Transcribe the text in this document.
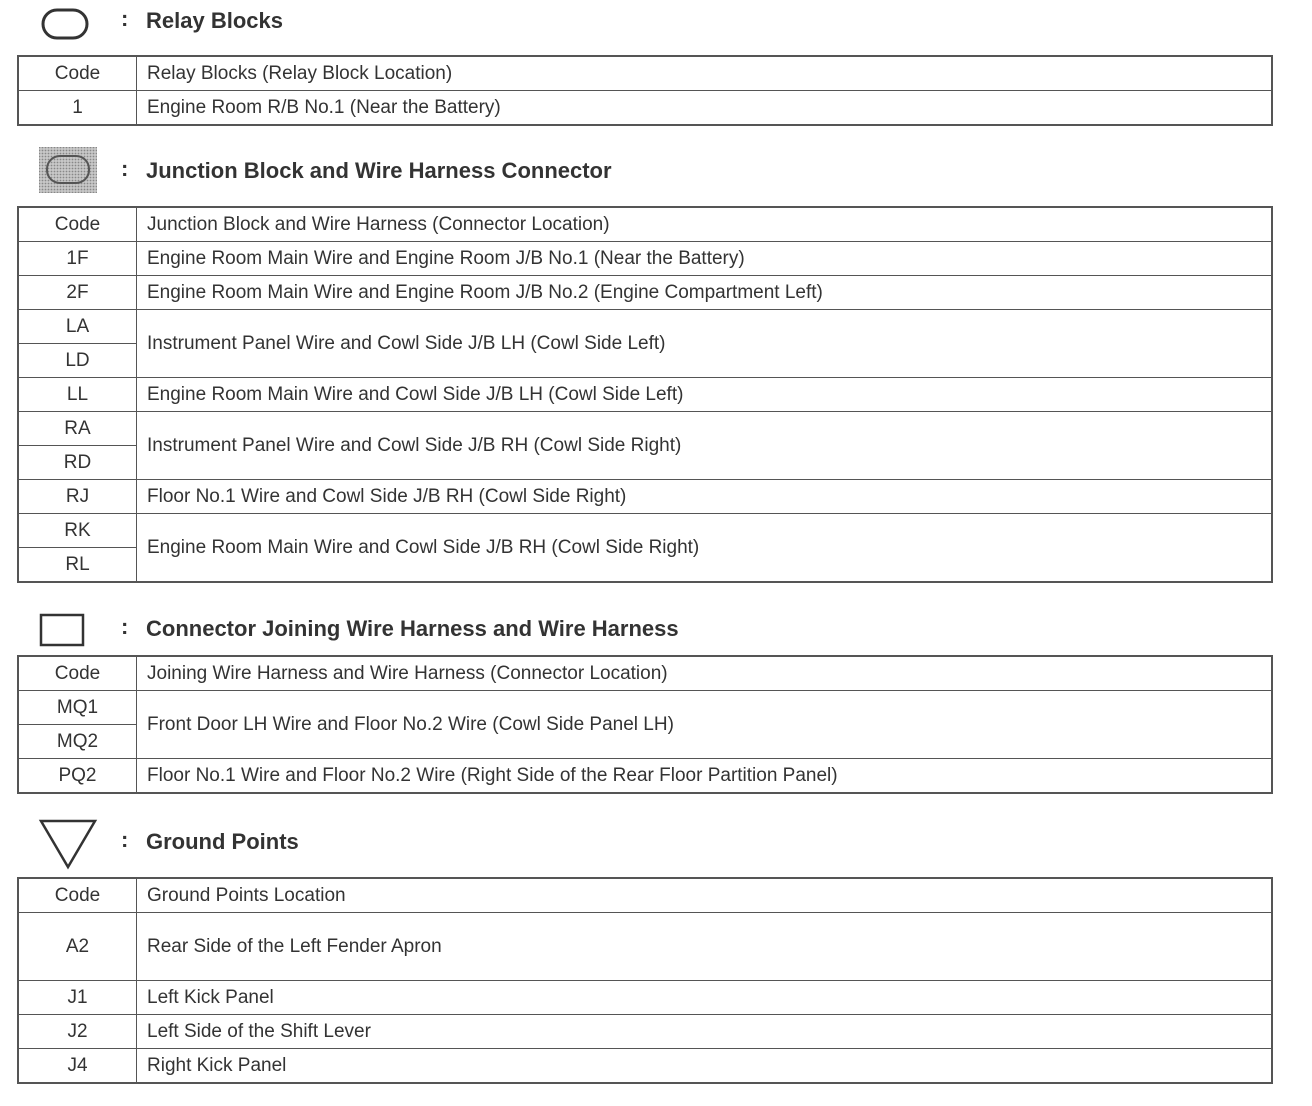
: Relay Blocks
Code	Relay Blocks (Relay Block Location)
1	Engine Room R/B No.1 (Near the Battery)
: Junction Block and Wire Harness Connector
Code	Junction Block and Wire Harness (Connector Location)
1F	Engine Room Main Wire and Engine Room J/B No.1 (Near the Battery)
2F	Engine Room Main Wire and Engine Room J/B No.2 (Engine Compartment Left)
LA	Instrument Panel Wire and Cowl Side J/B LH (Cowl Side Left)
LD	
LL	Engine Room Main Wire and Cowl Side J/B LH (Cowl Side Left)
RA	Instrument Panel Wire and Cowl Side J/B RH (Cowl Side Right)
RD	
RJ	Floor No.1 Wire and Cowl Side J/B RH (Cowl Side Right)
RK	Engine Room Main Wire and Cowl Side J/B RH (Cowl Side Right)
RL	
: Connector Joining Wire Harness and Wire Harness
Code	Joining Wire Harness and Wire Harness (Connector Location)
MQ1	Front Door LH Wire and Floor No.2 Wire (Cowl Side Panel LH)
MQ2	
PQ2	Floor No.1 Wire and Floor No.2 Wire (Right Side of the Rear Floor Partition Panel)
: Ground Points
Code	Ground Points Location
A2	Rear Side of the Left Fender Apron
J1	Left Kick Panel
J2	Left Side of the Shift Lever
J4	Right Kick Panel
